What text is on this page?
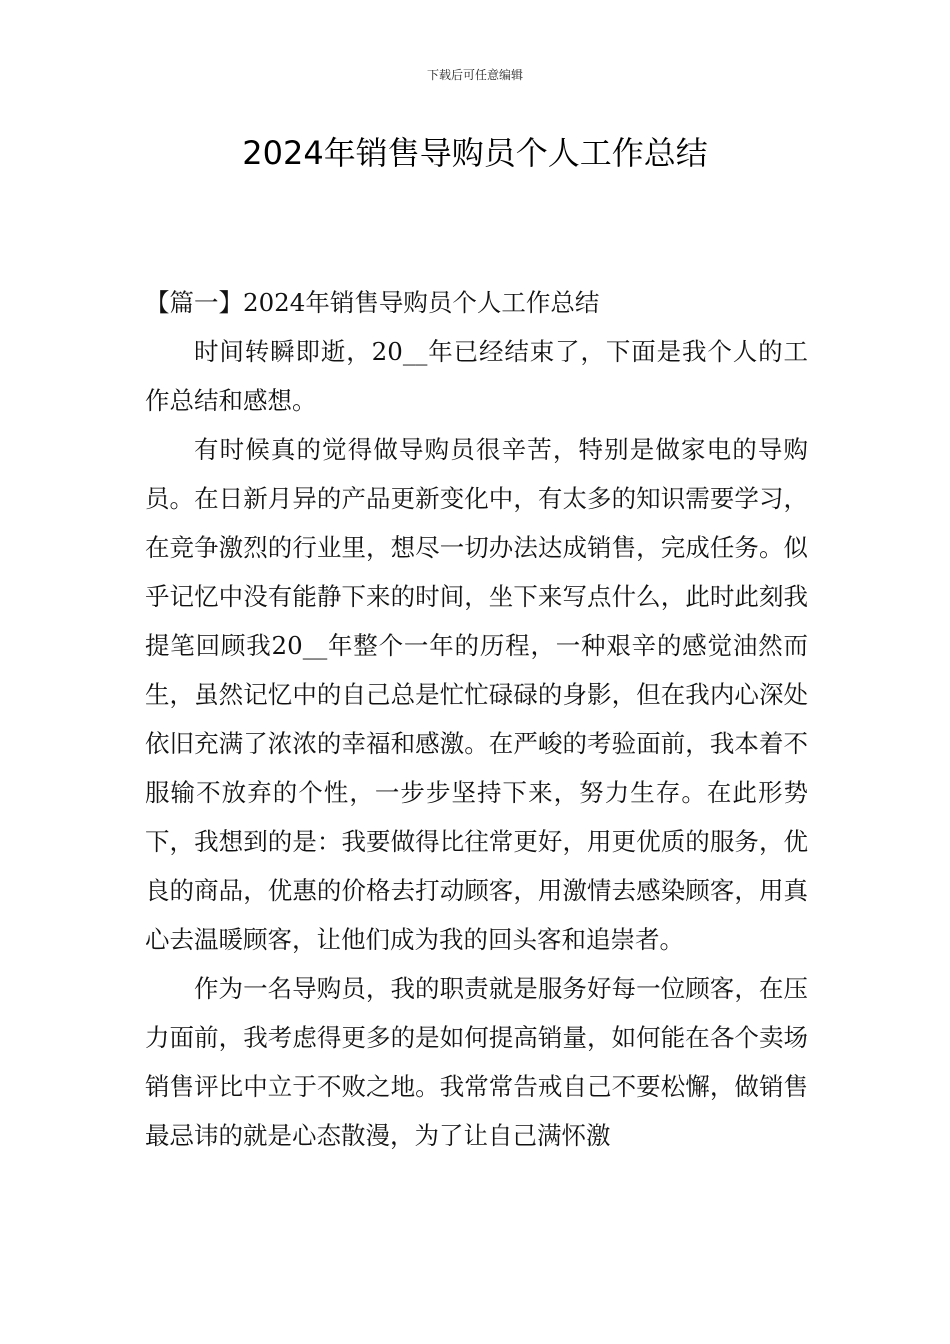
下载后可任意编辑
2024年销售导购员个人工作总结
【篇一】2024年销售导购员个人工作总结

时间转瞬即逝，20__年已经结束了，下面是我个人的工作总结和感想。

有时候真的觉得做导购员很辛苦，特别是做家电的导购员。在日新月异的产品更新变化中，有太多的知识需要学习，在竞争激烈的行业里，想尽一切办法达成销售，完成任务。似乎记忆中没有能静下来的时间，坐下来写点什么，此时此刻我提笔回顾我20__年整个一年的历程，一种艰辛的感觉油然而生，虽然记忆中的自己总是忙忙碌碌的身影，但在我内心深处依旧充满了浓浓的幸福和感激。在严峻的考验面前，我本着不服输不放弃的个性，一步步坚持下来，努力生存。在此形势下，我想到的是：我要做得比往常更好，用更优质的服务，优良的商品，优惠的价格去打动顾客，用激情去感染顾客，用真心去温暖顾客，让他们成为我的回头客和追崇者。

作为一名导购员，我的职责就是服务好每一位顾客，在压力面前，我考虑得更多的是如何提高销量，如何能在各个卖场销售评比中立于不败之地。我常常告戒自己不要松懈，做销售最忌讳的就是心态散漫，为了让自己满怀激
